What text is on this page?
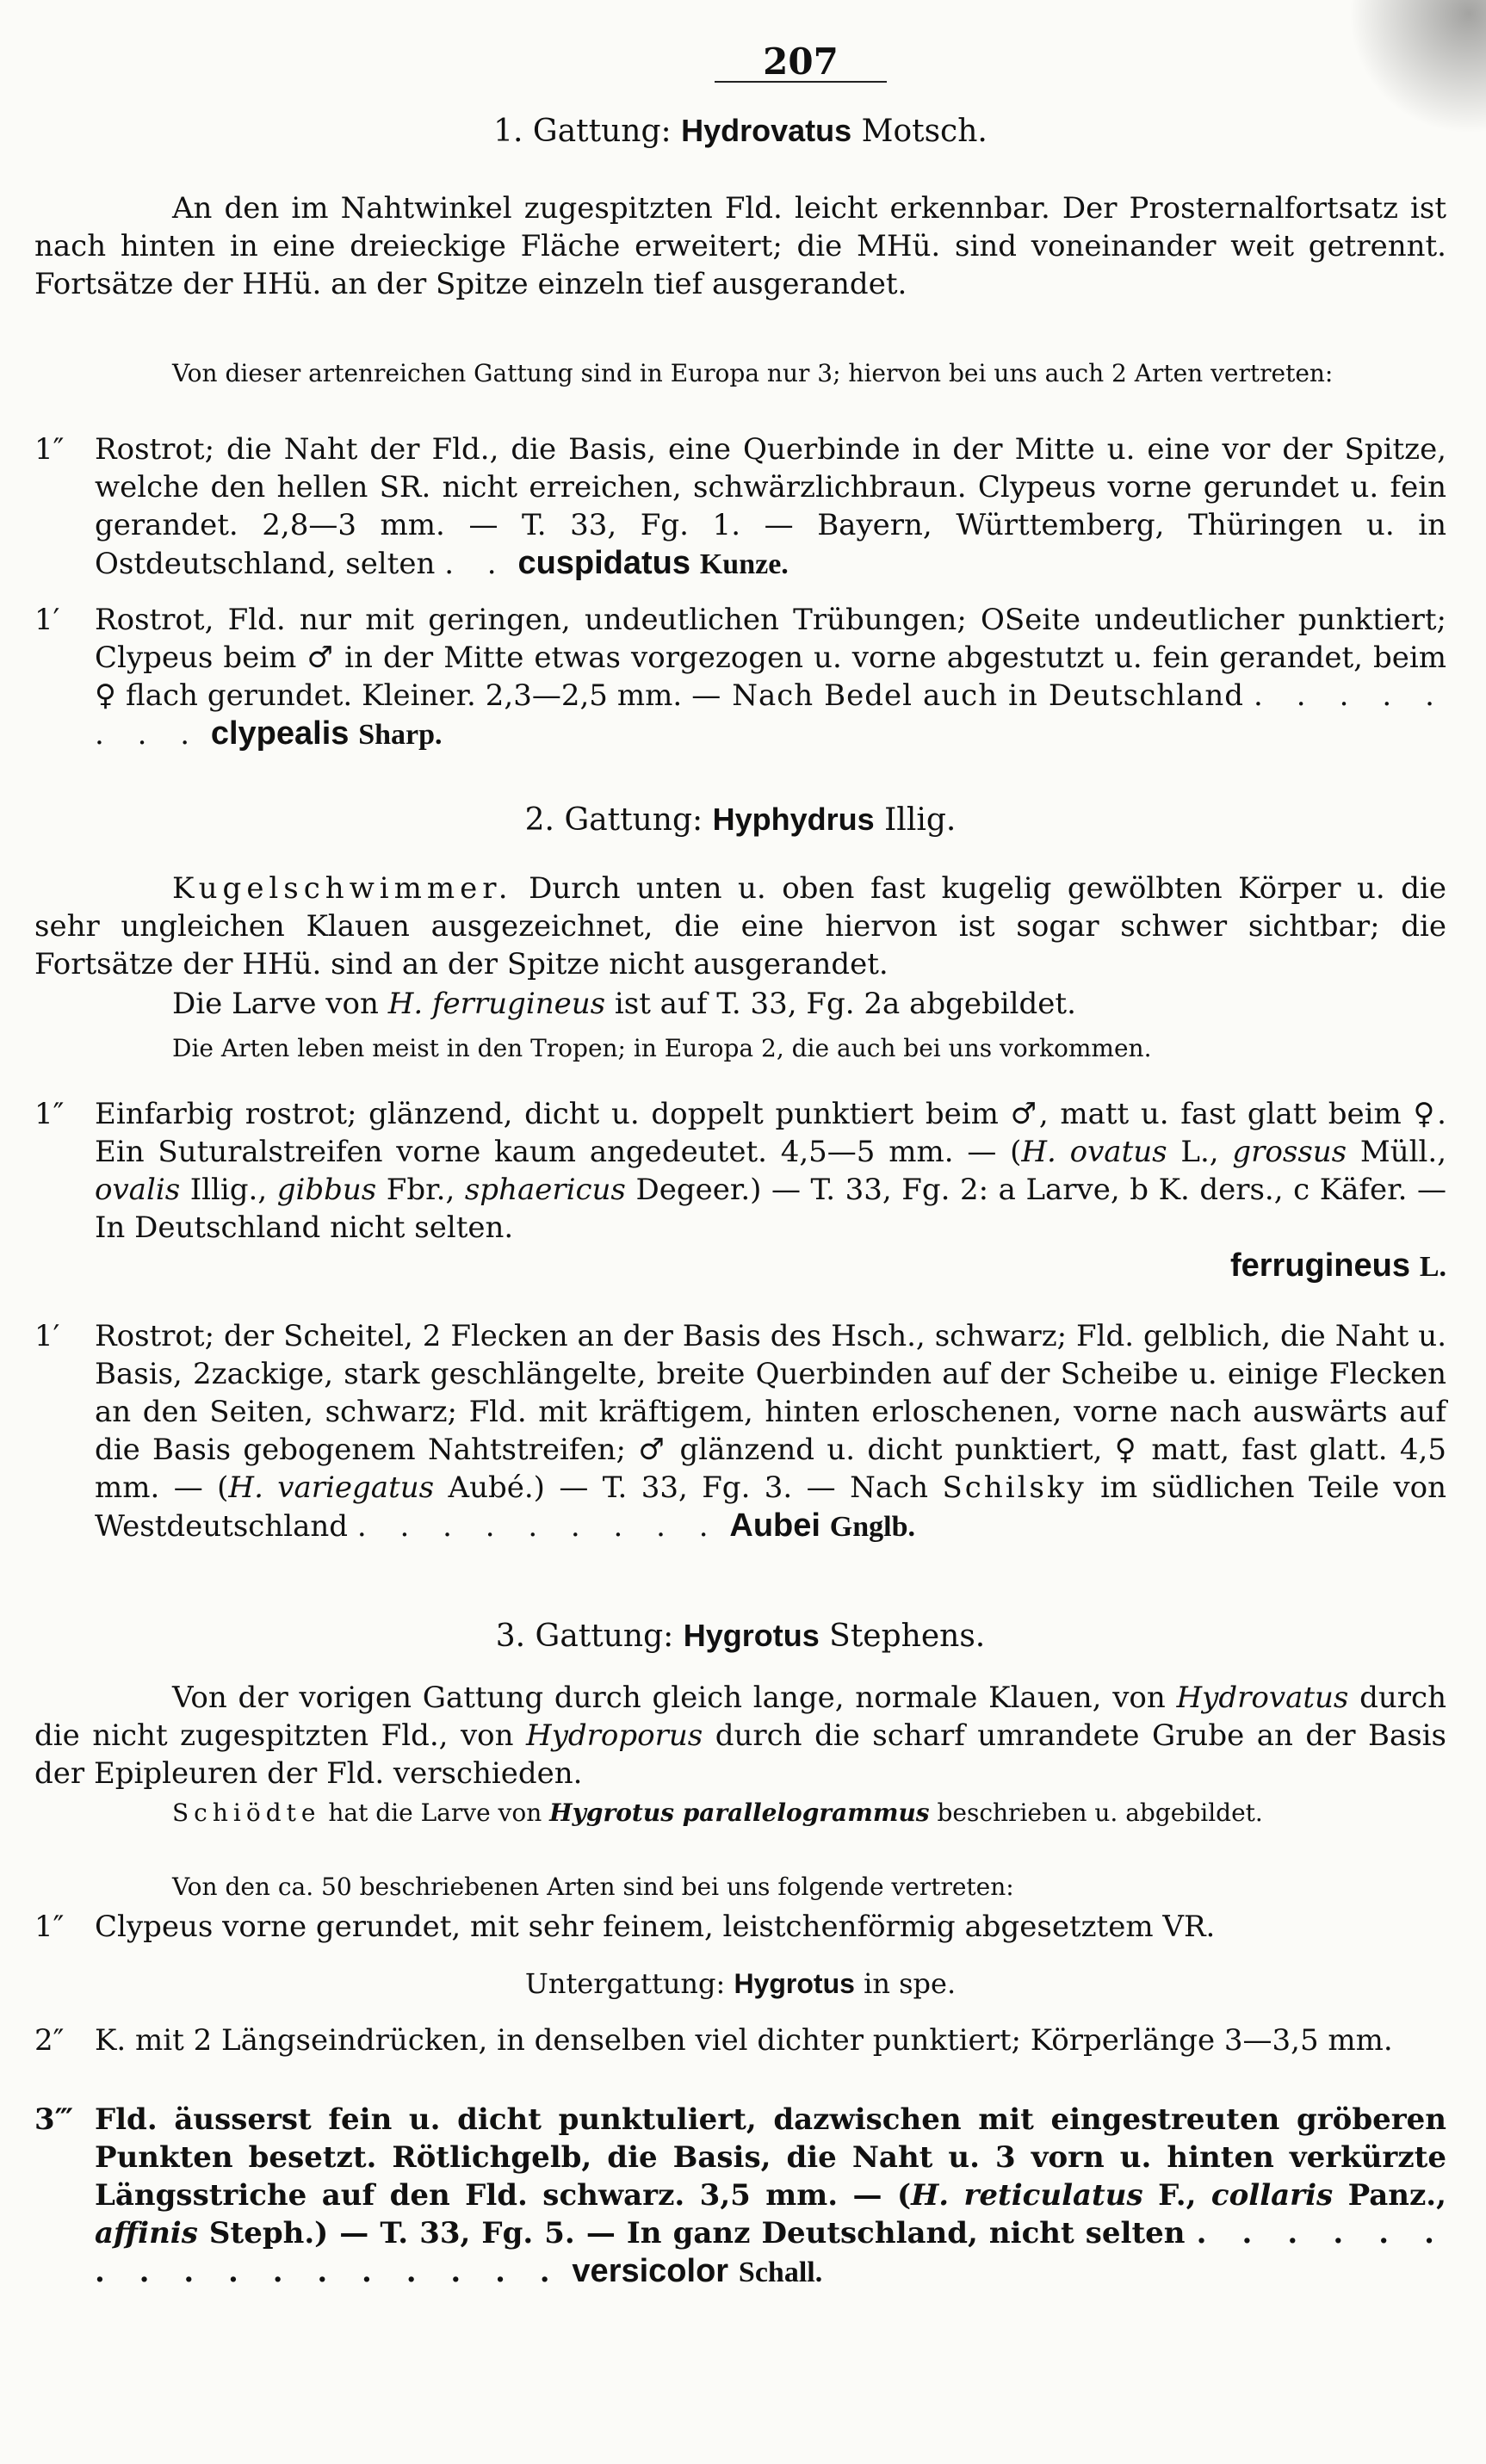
207
1. Gattung: Hydrovatus Motsch.
An den im Nahtwinkel zugespitzten Fld. leicht erkennbar. Der Prosternalfortsatz ist nach hinten in eine dreieckige Fläche erweitert; die MHü. sind voneinander weit getrennt. Fortsätze der HHü. an der Spitze einzeln tief ausgerandet.
Von dieser artenreichen Gattung sind in Europa nur 3; hiervon bei uns auch 2 Arten vertreten:
1″	Rostrot; die Naht der Fld., die Basis, eine Querbinde in der Mitte u. eine vor der Spitze, welche den hellen SR. nicht erreichen, schwärzlichbraun. Clypeus vorne gerundet u. fein gerandet. 2,8—3 mm. — T. 33, Fg. 1. — Bayern, Württemberg, Thüringen u. in Ostdeutschland, selten . . cuspidatus Kunze.
1′	Rostrot, Fld. nur mit geringen, undeutlichen Trübungen; OSeite undeutlicher punktiert; Clypeus beim ♂ in der Mitte etwas vorgezogen u. vorne abgestutzt u. fein gerandet, beim ♀ flach gerundet. Kleiner. 2,3—2,5 mm. — Nach Bedel auch in Deutschland . . . . . . . . clypealis Sharp.
2. Gattung: Hyphydrus Illig.
Kugelschwimmer. Durch unten u. oben fast kugelig gewölbten Körper u. die sehr ungleichen Klauen ausgezeichnet, die eine hiervon ist sogar schwer sichtbar; die Fortsätze der HHü. sind an der Spitze nicht ausgerandet.
Die Larve von H. ferrugineus ist auf T. 33, Fg. 2a abgebildet.
Die Arten leben meist in den Tropen; in Europa 2, die auch bei uns vorkommen.
1″	Einfarbig rostrot; glänzend, dicht u. doppelt punktiert beim ♂, matt u. fast glatt beim ♀. Ein Suturalstreifen vorne kaum angedeutet. 4,5—5 mm. — (H. ovatus L., grossus Müll., ovalis Illig., gibbus Fbr., sphaericus Degeer.) — T. 33, Fg. 2: a Larve, b K. ders., c Käfer. — In Deutschland nicht selten.
ferrugineus L.
1′	Rostrot; der Scheitel, 2 Flecken an der Basis des Hsch., schwarz; Fld. gelblich, die Naht u. Basis, 2zackige, stark geschlängelte, breite Querbinden auf der Scheibe u. einige Flecken an den Seiten, schwarz; Fld. mit kräftigem, hinten erloschenen, vorne nach auswärts auf die Basis gebogenem Nahtstreifen; ♂ glänzend u. dicht punktiert, ♀ matt, fast glatt. 4,5 mm. — (H. variegatus Aubé.) — T. 33, Fg. 3. — Nach Schilsky im südlichen Teile von Westdeutschland . . . . . . . . . Aubei Gnglb.
3. Gattung: Hygrotus Stephens.
Von der vorigen Gattung durch gleich lange, normale Klauen, von Hydrovatus durch die nicht zugespitzten Fld., von Hydroporus durch die scharf umrandete Grube an der Basis der Epipleuren der Fld. verschieden.
Schiödte hat die Larve von Hygrotus parallelogrammus beschrieben u. abgebildet.
Von den ca. 50 beschriebenen Arten sind bei uns folgende vertreten:
1″	Clypeus vorne gerundet, mit sehr feinem, leistchenförmig abgesetztem VR.
Untergattung: Hygrotus in spe.
2″	K. mit 2 Längseindrücken, in denselben viel dichter punktiert; Körperlänge 3—3,5 mm.
3‴ Fld. äusserst fein u. dicht punktuliert, dazwischen mit eingestreuten gröberen Punkten besetzt. Rötlichgelb, die Basis, die Naht u. 3 vorn u. hinten verkürzte Längsstriche auf den Fld. schwarz. 3,5 mm. — (H. reticulatus F., collaris Panz., affinis Steph.) — T. 33, Fg. 5. — In ganz Deutschland, nicht selten . . . . . . . . . . . . . . . . . versicolor Schall.
